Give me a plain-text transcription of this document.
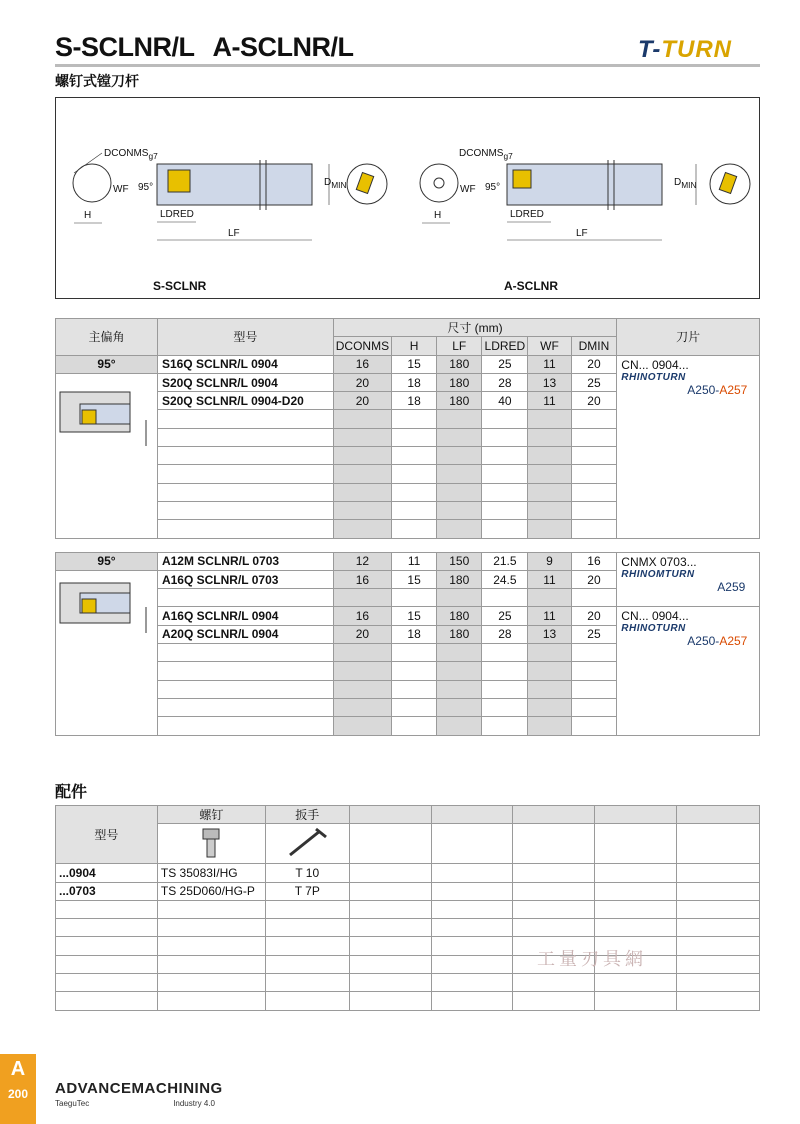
S-SCLNR/L A-SCLNR/L
螺钉式镗刀杆
T-TURN
$DCONMS_{g7}$
WF 95°
H	LDRED
LF
$D_{MIN}$
$DCONMS_{g7}$
WF 95°
H	LDRED
LF
$D_{MIN}$
S-SCLNR	A-SCLNR
主偏角	型号	尺寸 (mm)						刀片
		DCONMS	H	LF	LDRED	WF	DMIN	
95°	S16Q SCLNR/L 0904	16	15	180	25	11	20	CN... 0904...
RHINOTURN
A250-A257

	S20Q SCLNR/L 0904	20	18	180	28	13	25	
	S20Q SCLNR/L 0904-D20	20	18	180	40	11	20	

95°	A12M SCLNR/L 0703	12	11	150	21.5	9	16	CNMX 0703...
RHINOMTURN
A259

	A16Q SCLNR/L 0703	16	15	180	24.5	11	20	

	A16Q SCLNR/L 0904	16	15	180	25	11	20	CN... 0904...
RHINOTURN
A250-A257

	A20Q SCLNR/L 0904	20	18	180	28	13	25	

配件
型号	螺钉	扳手					

...0904	TS 35083I/HG	T 10					
...0703	TS 25D060/HG-P	T 7P					

工量刃具網
A
200	ADVANCEMACHINING
TaeguTec	Industry 4.0
